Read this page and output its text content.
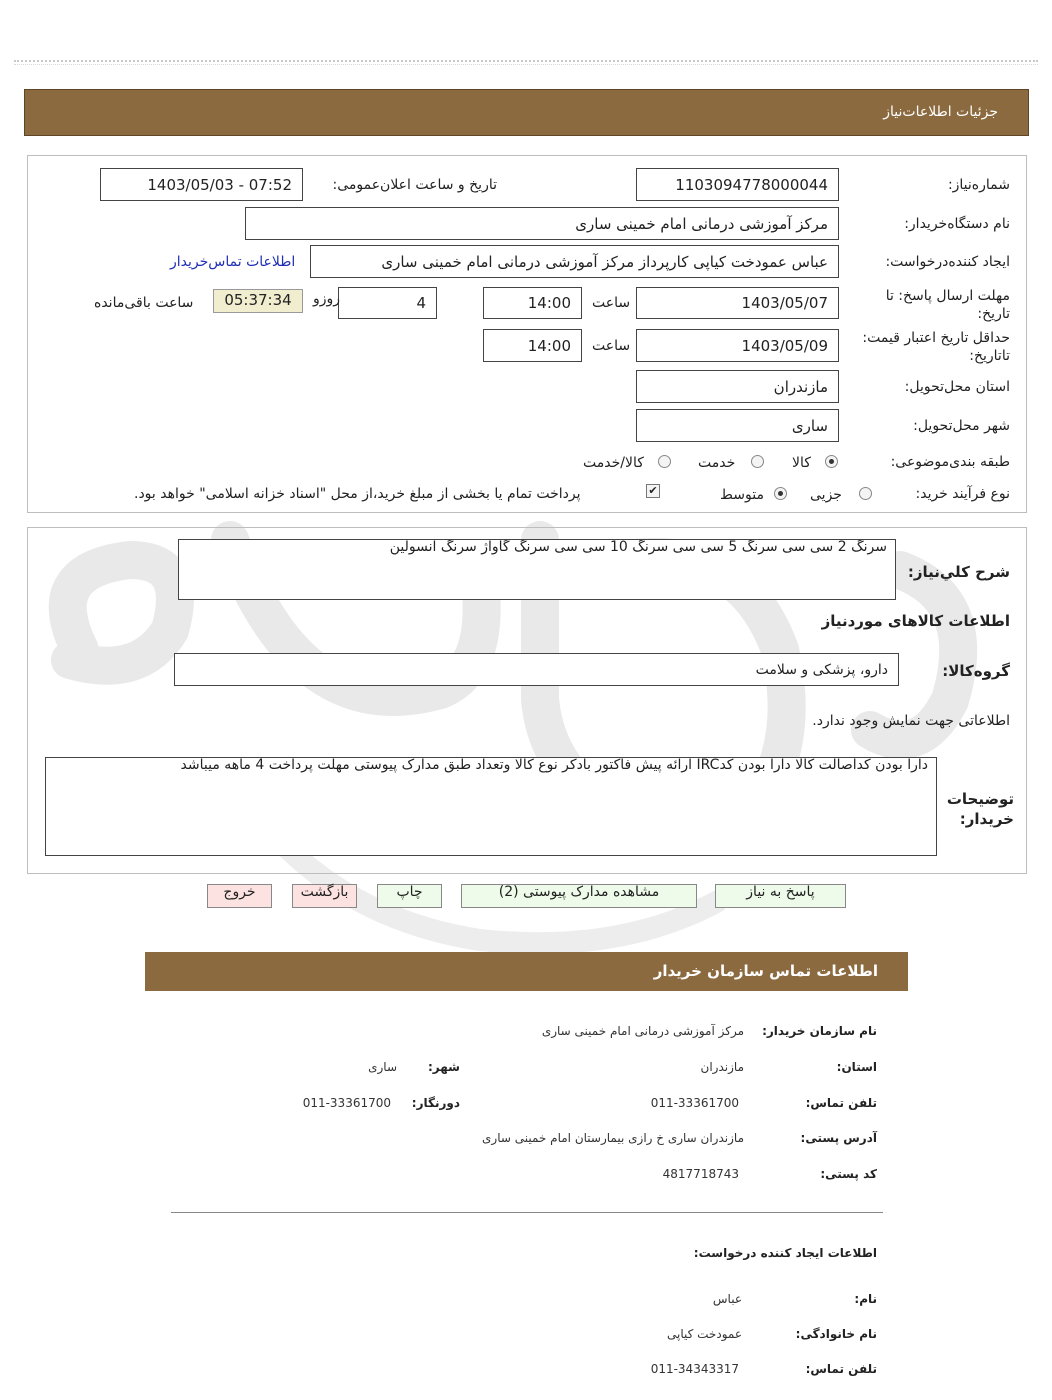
جزئیات اطلاعات‌نیاز
شماره‌نیاز:
1103094778000044
تاریخ و ساعت اعلان‌عمومی:
1403/05/03 - 07:52
نام دستگاه‌خریدار:
مرکز آموزشی درمانی امام خمینی ساری
ایجاد کننده‌درخواست:
عباس عمودخت کیاپی کارپرداز مرکز آموزشی درمانی امام خمینی ساری
اطلاعات تماس‌خریدار
مهلت ارسال پاسخ: تا تاریخ:
1403/05/07
ساعت
14:00
4
روزو
05:37:34
ساعت باقی‌مانده
حداقل تاریخ اعتبار قیمت: تاتاریخ:
1403/05/09
ساعت
14:00
استان محل‌تحویل:
مازندران
شهر محل‌تحویل:
ساری
طبقه بندی‌موضوعی:
کالا
خدمت
کالا/خدمت
نوع فرآیند خرید:
جزیی
متوسط
✔
پرداخت تمام یا بخشی از مبلغ خرید،از محل "اسناد خزانه اسلامی" خواهد بود.
شرح کلي‌نیاز:
سرنگ 2 سی سی سرنگ 5 سی سی سرنگ 10 سی سی سرنگ گاواژ سرنگ انسولین
اطلاعات کالاهای موردنیاز
گروه‌کالا:
دارو، پزشکی و سلامت
اطلاعاتی جهت نمایش وجود ندارد.
توضیحات خریدار:
دارا بودن کداصالت کالا دارا بودن کدIRC ارائه پیش فاکتور بادکر نوع کالا وتعداد طبق مدارک پیوستی مهلت پرداخت 4 ماهه میباشد
پاسخ به نیاز
مشاهده مدارک پیوستی (2)
چاپ
بازگشت
خروج
اطلاعات تماس سازمان خریدار
نام سازمان خریدار:
مرکز آموزشی درمانی امام خمینی ساری
استان:
مازندران
شهر:
ساری
تلفن تماس:
011-33361700
دورنگار:
011-33361700
آدرس پستی:
مازندران ساری خ رازی بیمارستان امام خمینی ساری
کد پستی:
4817718743
اطلاعات ایجاد کننده درخواست:
نام:
عباس
نام خانوادگی:
عمودخت کیاپی
تلفن تماس:
011-34343317
